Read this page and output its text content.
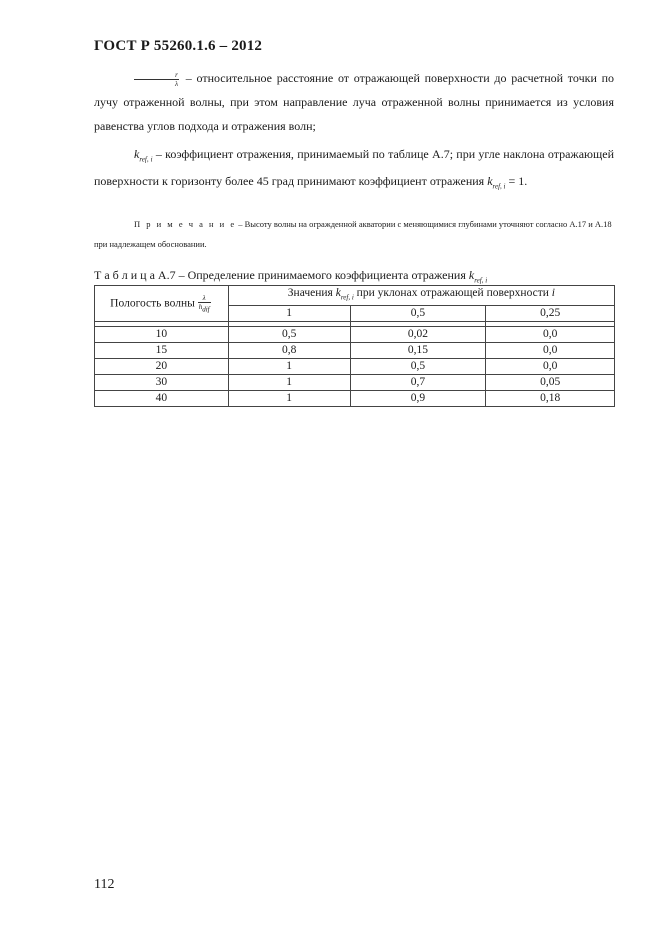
ГОСТ Р 55260.1.6 – 2012
$\frac{r}{\lambda}$ – относительное расстояние от отражающей поверхности до расчетной точки по лучу отраженной волны, при этом направление луча отраженной волны принимается из условия равенства углов подхода и отражения волн;
$k_{ref, i}$ – коэффициент отражения, принимаемый по таблице А.7; при угле наклона отражающей поверхности к горизонту более 45 град принимают коэффициент отражения $k_{ref, i} = 1$.
П р и м е ч а н и е – Высоту волны на огражденной акватории с меняющимися глубинами уточняют согласно А.17 и А.18 при надлежащем обосновании.
Т а б л и ц а А.7 – Определение принимаемого коэффициента отражения $k_{ref, i}$
Пологость волны $\frac{\lambda}{h_{dif}}$	Значения $k_{ref, i}$ при уклонах отражающей поверхности i		
	1	0,5	0,25

10	0,5	0,02	0,0
15	0,8	0,15	0,0
20	1	0,5	0,0
30	1	0,7	0,05
40	1	0,9	0,18
112
